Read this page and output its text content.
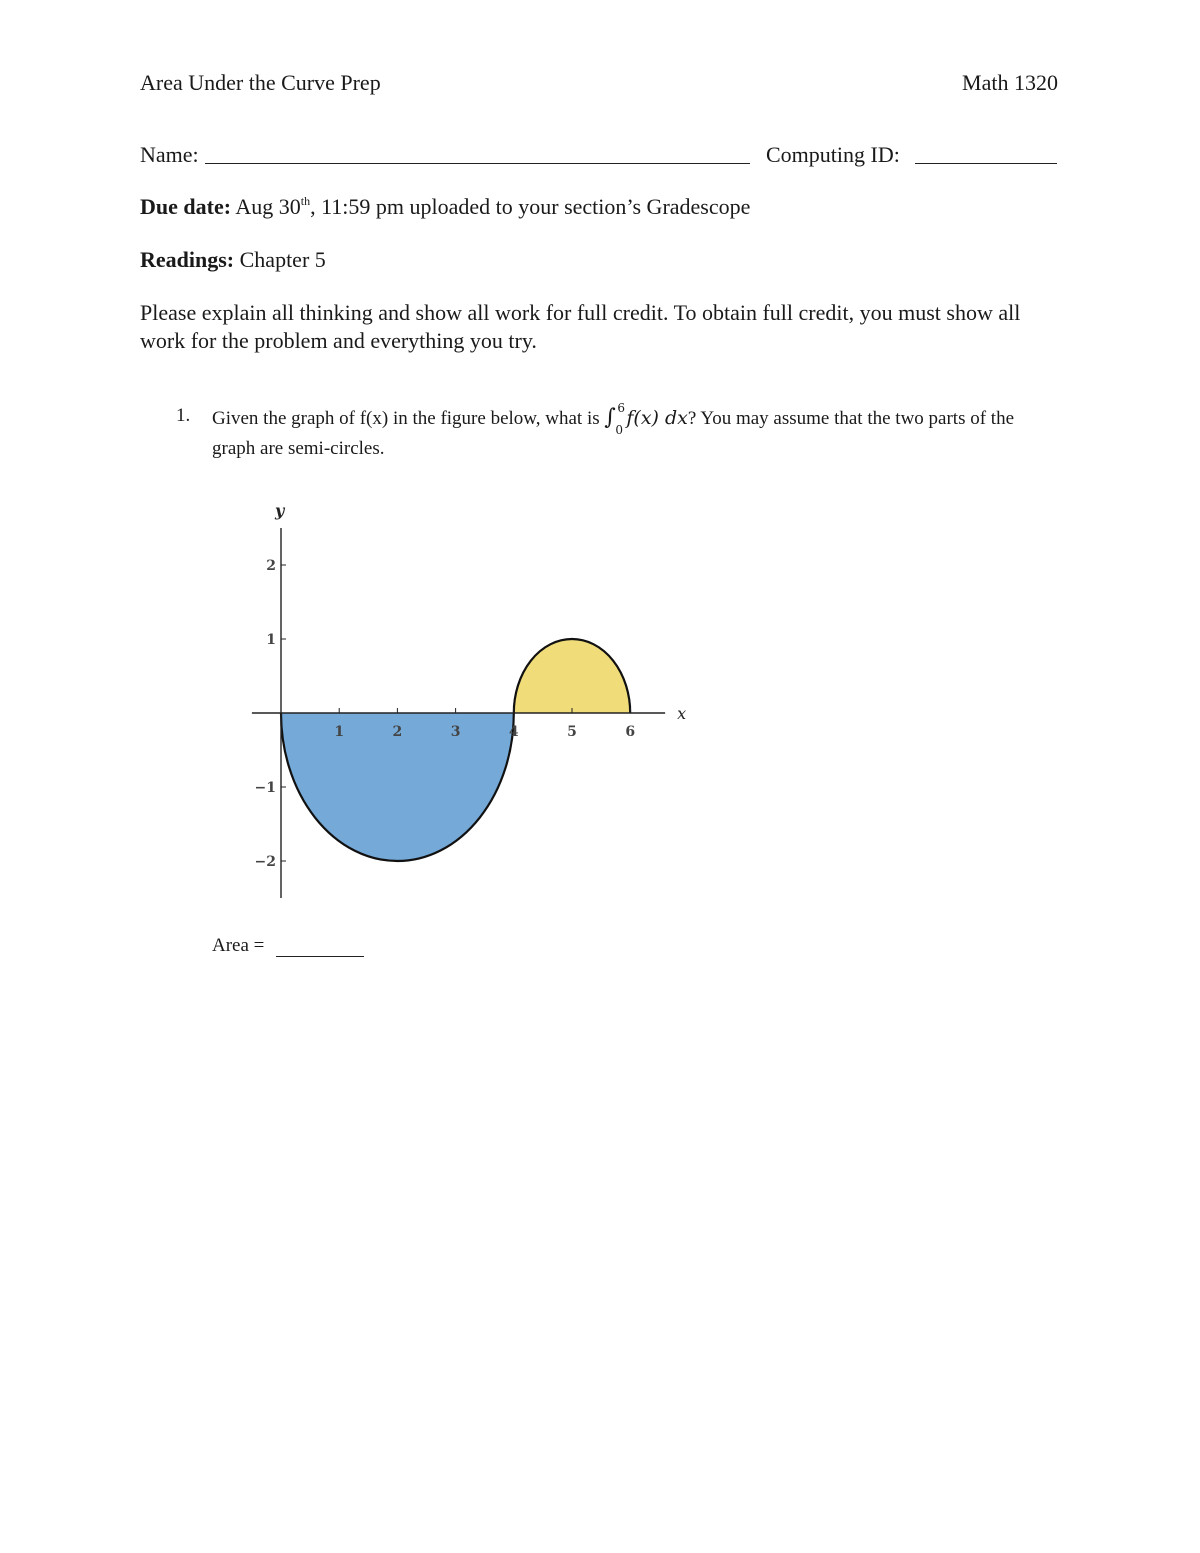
Area Under the Curve Prep	Math 1320
Name:	Computing ID:
Due date: Aug 30th, 11:59 pm uploaded to your section’s Gradescope
Readings: Chapter 5
Please explain all thinking and show all work for full credit. To obtain full credit, you must show all work for the problem and everything you try.
1. Given the graph of f(x) in the figure below, what is ∫ 6
0
f(x) dx? You may assume that the two parts of the graph are semi-circles.
x
y
1	2	3	4	5	6
2
1
−1
−2
Area =
